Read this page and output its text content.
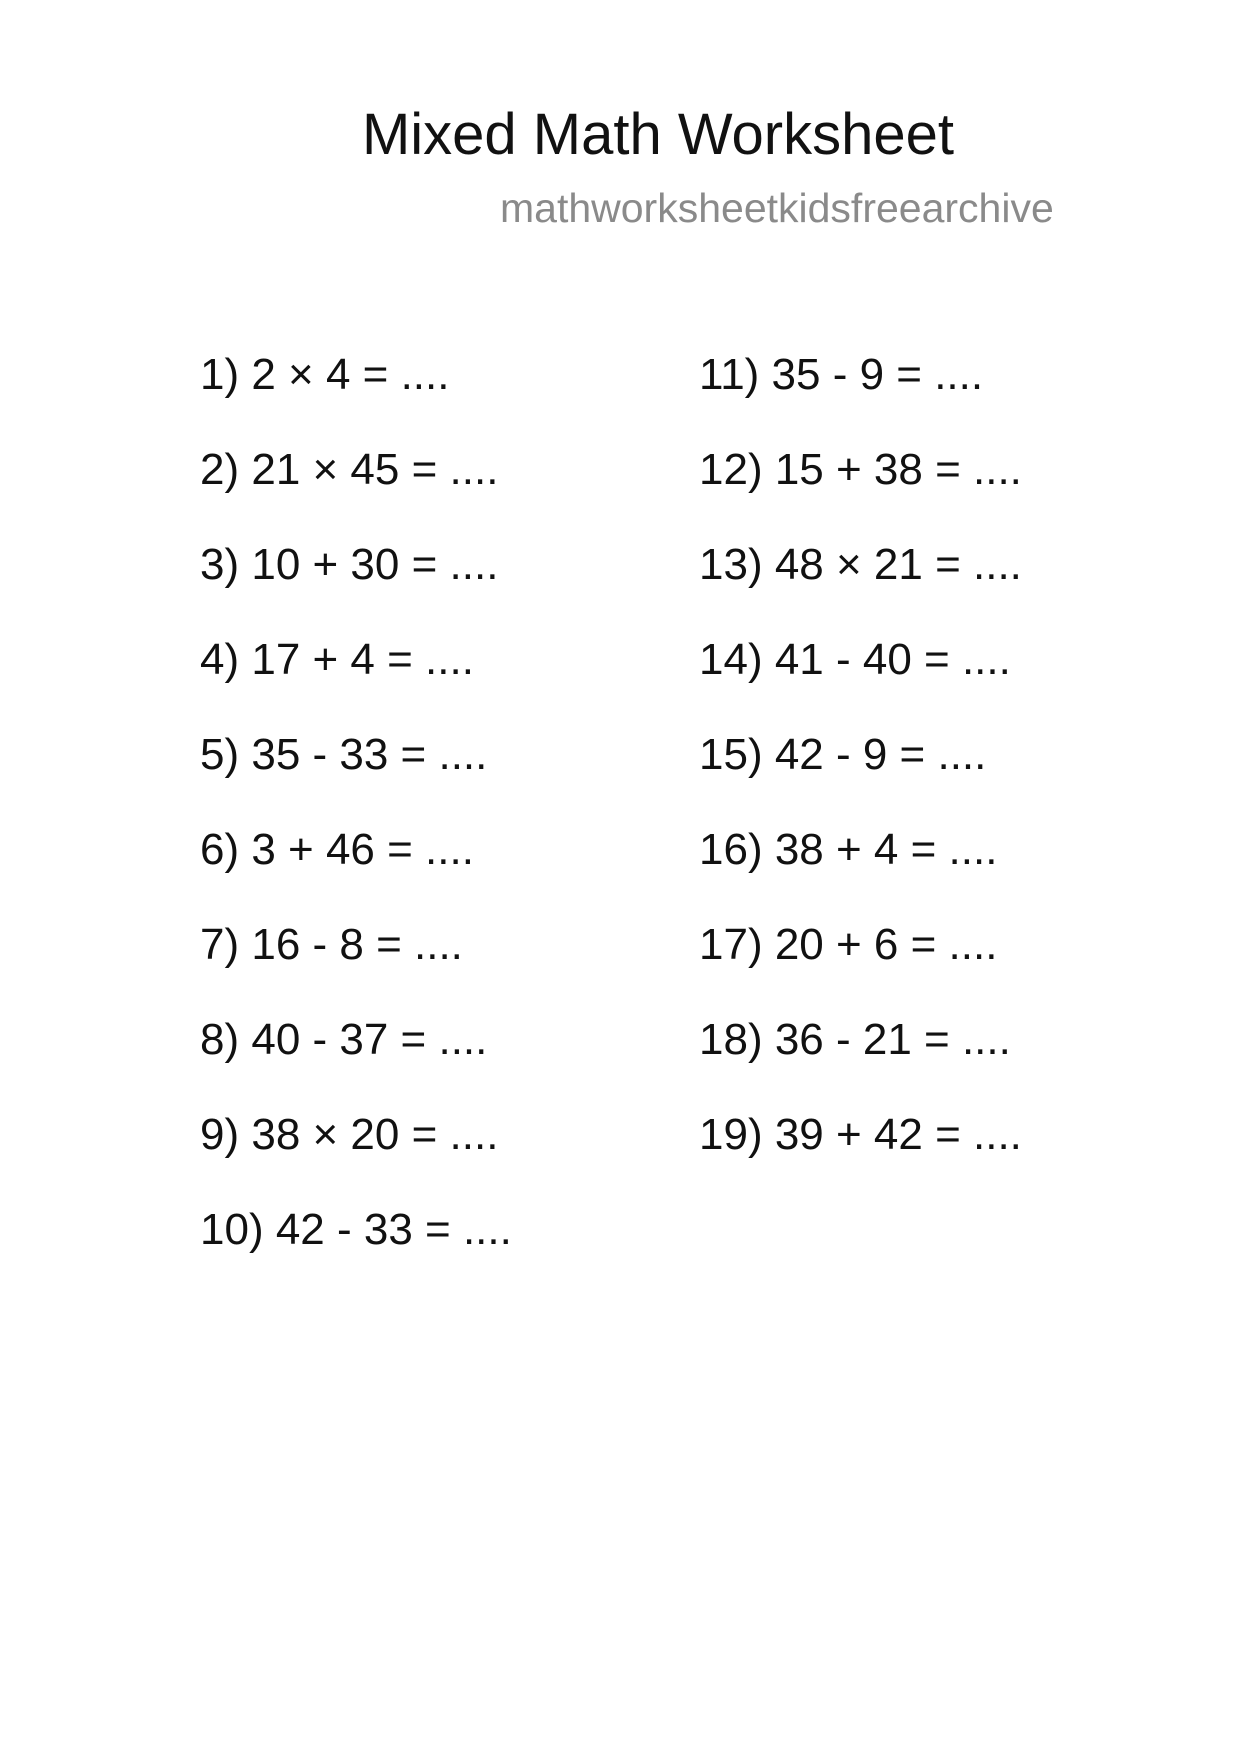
Mixed Math Worksheet
mathworksheetkidsfreearchive
1) 2 × 4 = ....
2) 21 × 45 = ....
3) 10 + 30 = ....
4) 17 + 4 = ....
5) 35 - 33 = ....
6) 3 + 46 = ....
7) 16 - 8 = ....
8) 40 - 37 = ....
9) 38 × 20 = ....
10) 42 - 33 = ....
11) 35 - 9 = ....
12) 15 + 38 = ....
13) 48 × 21 = ....
14) 41 - 40 = ....
15) 42 - 9 = ....
16) 38 + 4 = ....
17) 20 + 6 = ....
18) 36 - 21 = ....
19) 39 + 42 = ....
